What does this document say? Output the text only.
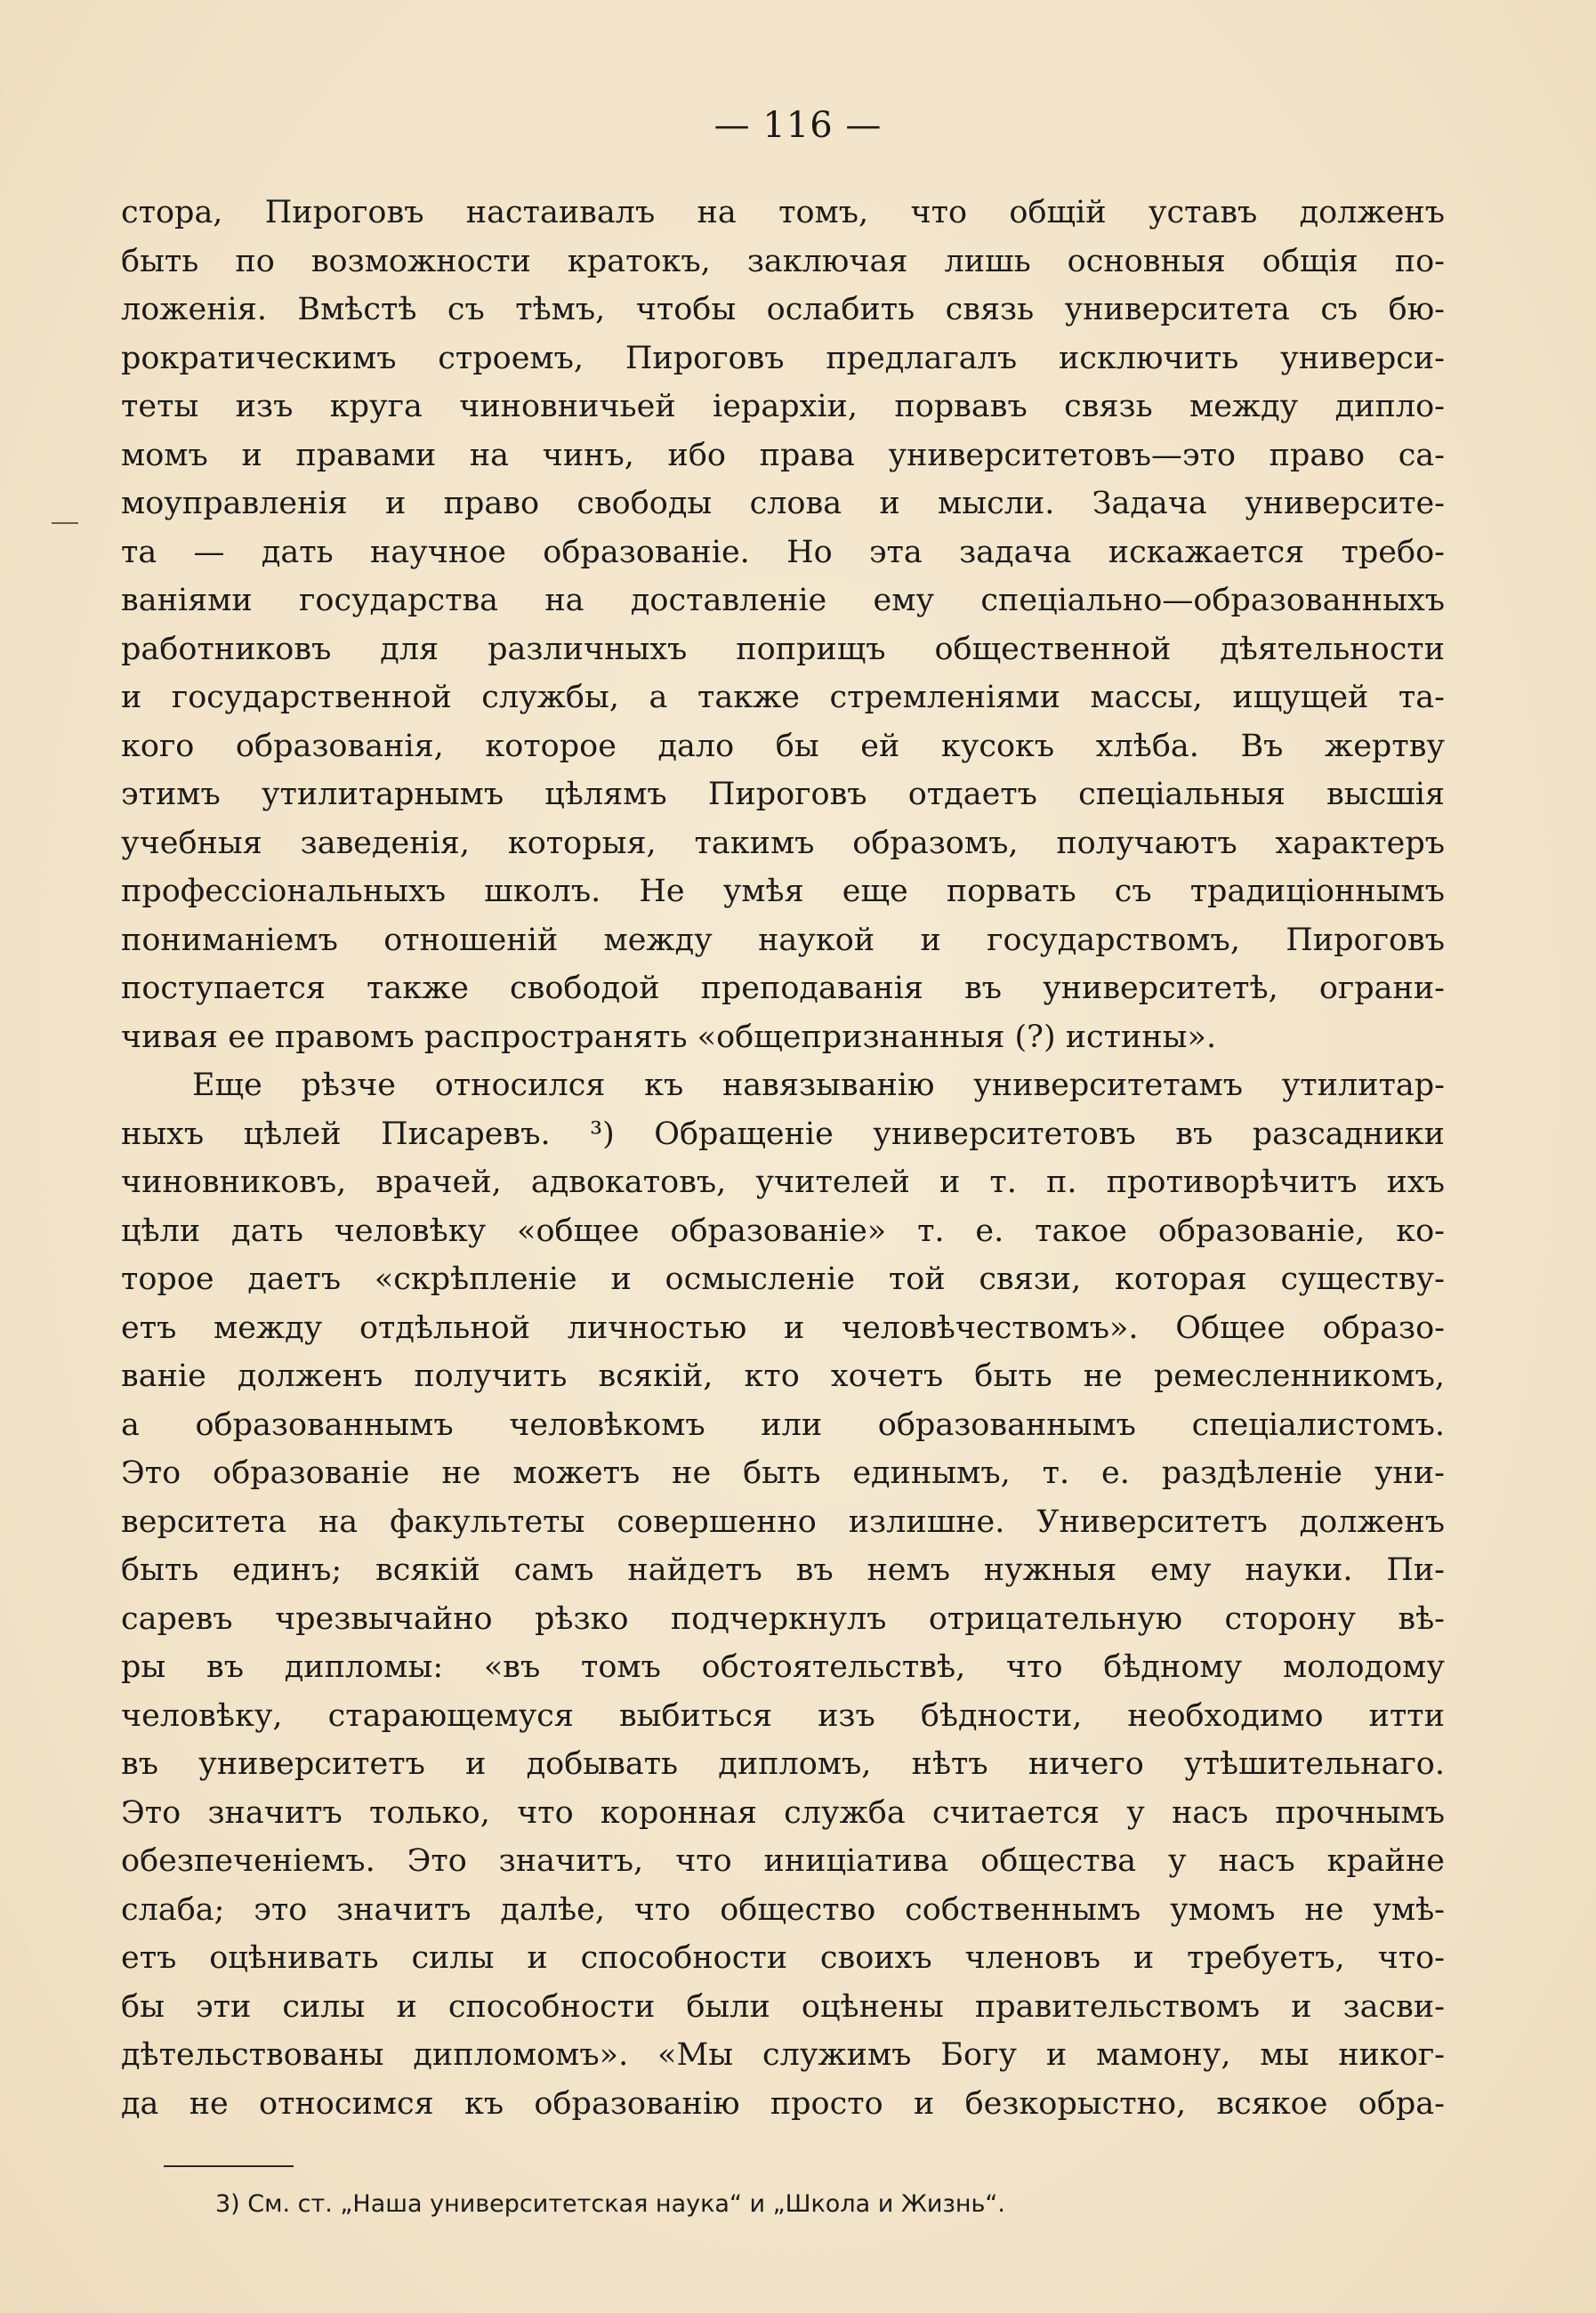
— 116 —
стора, Пироговъ настаивалъ на томъ, что общій уставъ долженъ
быть по возможности кратокъ, заключая лишь основныя общія по-
ложенія. Вмѣстѣ съ тѣмъ, чтобы ослабить связь университета съ бю-
рократическимъ строемъ, Пироговъ предлагалъ исключить универси-
теты изъ круга чиновничьей іерархіи, порвавъ связь между дипло-
момъ и правами на чинъ, ибо права университетовъ—это право са-
моуправленія и право свободы слова и мысли. Задача университе-
та — дать научное образованіе. Но эта задача искажается требо-
ваніями государства на доставленіе ему спеціально—образованныхъ
работниковъ для различныхъ поприщъ общественной дѣятельности
и государственной службы, а также стремленіями массы, ищущей та-
кого образованія, которое дало бы ей кусокъ хлѣба. Въ жертву
этимъ утилитарнымъ цѣлямъ Пироговъ отдаетъ спеціальныя высшія
учебныя заведенія, которыя, такимъ образомъ, получаютъ характеръ
профессіональныхъ школъ. Не умѣя еще порвать съ традиціоннымъ
пониманіемъ отношеній между наукой и государствомъ, Пироговъ
поступается также свободой преподаванія въ университетѣ, ограни-
чивая ее правомъ распространять «общепризнанныя (?) истины».
Еще рѣзче относился къ навязыванію университетамъ утилитар-
ныхъ цѣлей Писаревъ. ³) Обращеніе университетовъ въ разсадники
чиновниковъ, врачей, адвокатовъ, учителей и т. п. противорѣчитъ ихъ
цѣли дать человѣку «общее образованіе» т. е. такое образованіе, ко-
торое даетъ «скрѣпленіе и осмысленіе той связи, которая существу-
етъ между отдѣльной личностью и человѣчествомъ». Общее образо-
ваніе долженъ получить всякій, кто хочетъ быть не ремесленникомъ,
а образованнымъ человѣкомъ или образованнымъ спеціалистомъ.
Это образованіе не можетъ не быть единымъ, т. е. раздѣленіе уни-
верситета на факультеты совершенно излишне. Университетъ долженъ
быть единъ; всякій самъ найдетъ въ немъ нужныя ему науки. Пи-
саревъ чрезвычайно рѣзко подчеркнулъ отрицательную сторону вѣ-
ры въ дипломы: «въ томъ обстоятельствѣ, что бѣдному молодому
человѣку, старающемуся выбиться изъ бѣдности, необходимо итти
въ университетъ и добывать дипломъ, нѣтъ ничего утѣшительнаго.
Это значитъ только, что коронная служба считается у насъ прочнымъ
обезпеченіемъ. Это значитъ, что иниціатива общества у насъ крайне
слаба; это значитъ далѣе, что общество собственнымъ умомъ не умѣ-
етъ оцѣнивать силы и способности своихъ членовъ и требуетъ, что-
бы эти силы и способности были оцѣнены правительствомъ и засви-
дѣтельствованы дипломомъ». «Мы служимъ Богу и мамону, мы никог-
да не относимся къ образованію просто и безкорыстно, всякое обра-
3) См. ст. „Наша университетская наука“ и „Школа и Жизнь“.
